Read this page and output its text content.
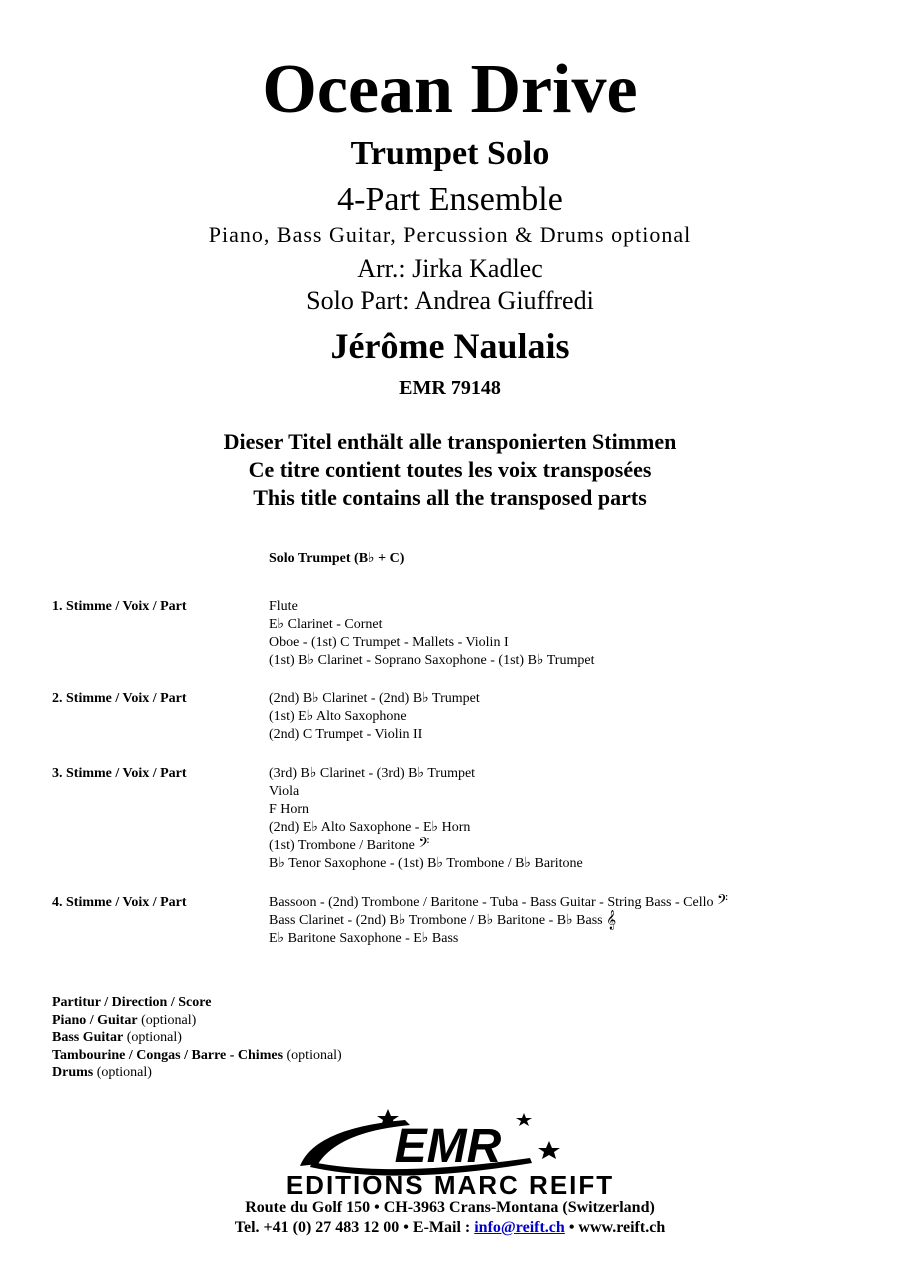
Ocean Drive
Trumpet Solo
4-Part Ensemble
Piano, Bass Guitar, Percussion & Drums optional
Arr.: Jirka Kadlec
Solo Part: Andrea Giuffredi
Jérôme Naulais
EMR 79148
Dieser Titel enthält alle transponierten Stimmen
Ce titre contient toutes les voix transposées
This title contains all the transposed parts
Solo Trumpet (B♭ + C)
1. Stimme / Voix / Part	Flute
E♭ Clarinet - Cornet
Oboe - (1st) C Trumpet - Mallets - Violin I
(1st) B♭ Clarinet - Soprano Saxophone - (1st) B♭ Trumpet
2. Stimme / Voix / Part	(2nd) B♭ Clarinet - (2nd) B♭ Trumpet
(1st) E♭ Alto Saxophone
(2nd) C Trumpet - Violin II
3. Stimme / Voix / Part	(3rd) B♭ Clarinet - (3rd) B♭ Trumpet
Viola
F Horn
(2nd) E♭ Alto Saxophone - E♭ Horn
(1st) Trombone / Baritone 𝄢
B♭ Tenor Saxophone - (1st) B♭ Trombone / B♭ Baritone
4. Stimme / Voix / Part	Bassoon - (2nd) Trombone / Baritone - Tuba - Bass Guitar - String Bass - Cello 𝄢
Bass Clarinet - (2nd) B♭ Trombone / B♭ Baritone - B♭ Bass 𝄞
E♭ Baritone Saxophone - E♭ Bass
Partitur / Direction / Score
Piano / Guitar (optional)
Bass Guitar (optional)
Tambourine / Congas / Barre - Chimes (optional)
Drums (optional)
EMR
EDITIONS MARC REIFT
Route du Golf 150 • CH-3963 Crans-Montana (Switzerland)
Tel. +41 (0) 27 483 12 00 • E-Mail : info@reift.ch • www.reift.ch
